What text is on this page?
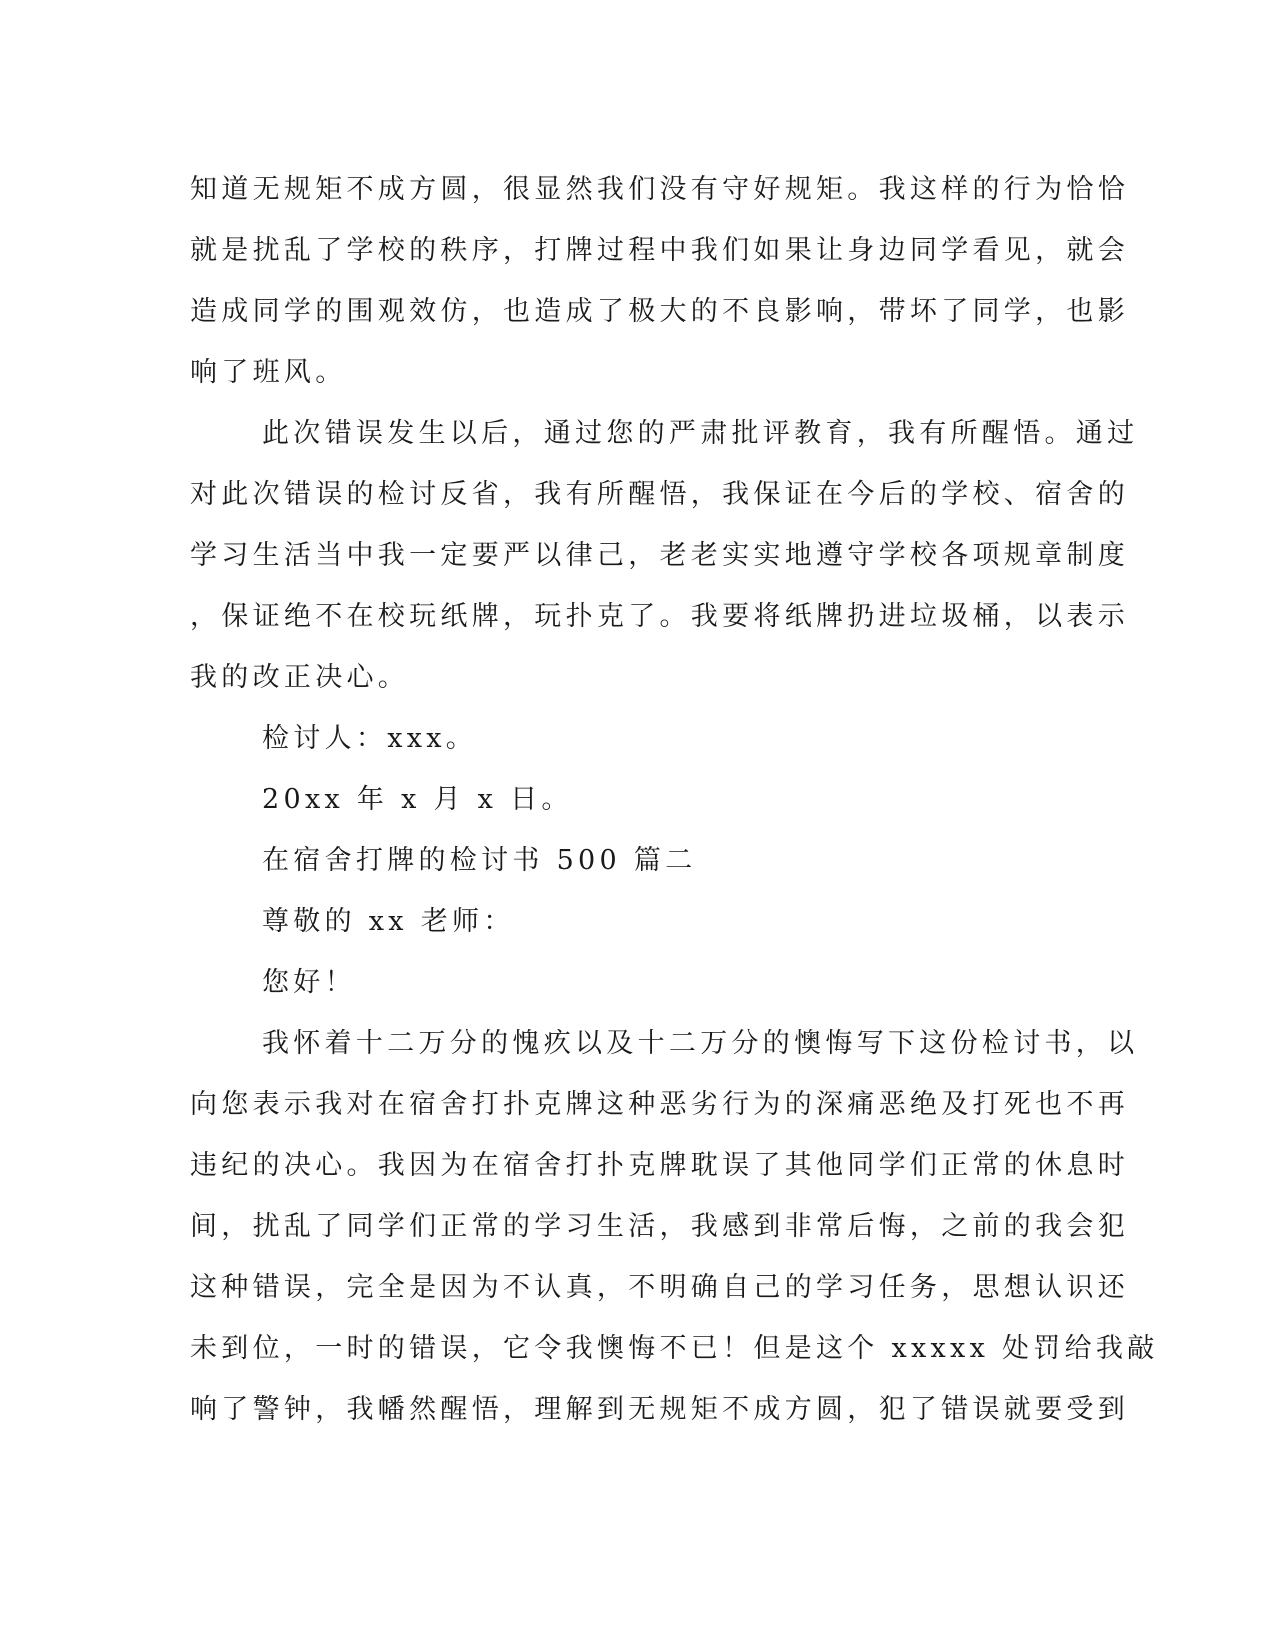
知道无规矩不成方圆，很显然我们没有守好规矩。我这样的行为恰恰

就是扰乱了学校的秩序，打牌过程中我们如果让身边同学看见，就会

造成同学的围观效仿，也造成了极大的不良影响，带坏了同学，也影

响了班风。

此次错误发生以后，通过您的严肃批评教育，我有所醒悟。通过

对此次错误的检讨反省，我有所醒悟，我保证在今后的学校、宿舍的

学习生活当中我一定要严以律己，老老实实地遵守学校各项规章制度

，保证绝不在校玩纸牌，玩扑克了。我要将纸牌扔进垃圾桶，以表示

我的改正决心。

检讨人：xxx。

20xx 年 x 月 x 日。

在宿舍打牌的检讨书 500 篇二

尊敬的 xx 老师：

您好！

我怀着十二万分的愧疚以及十二万分的懊悔写下这份检讨书，以

向您表示我对在宿舍打扑克牌这种恶劣行为的深痛恶绝及打死也不再

违纪的决心。我因为在宿舍打扑克牌耽误了其他同学们正常的休息时

间，扰乱了同学们正常的学习生活，我感到非常后悔，之前的我会犯

这种错误，完全是因为不认真，不明确自己的学习任务，思想认识还

未到位，一时的错误，它令我懊悔不已！但是这个 xxxxx 处罚给我敲

响了警钟，我幡然醒悟，理解到无规矩不成方圆，犯了错误就要受到
